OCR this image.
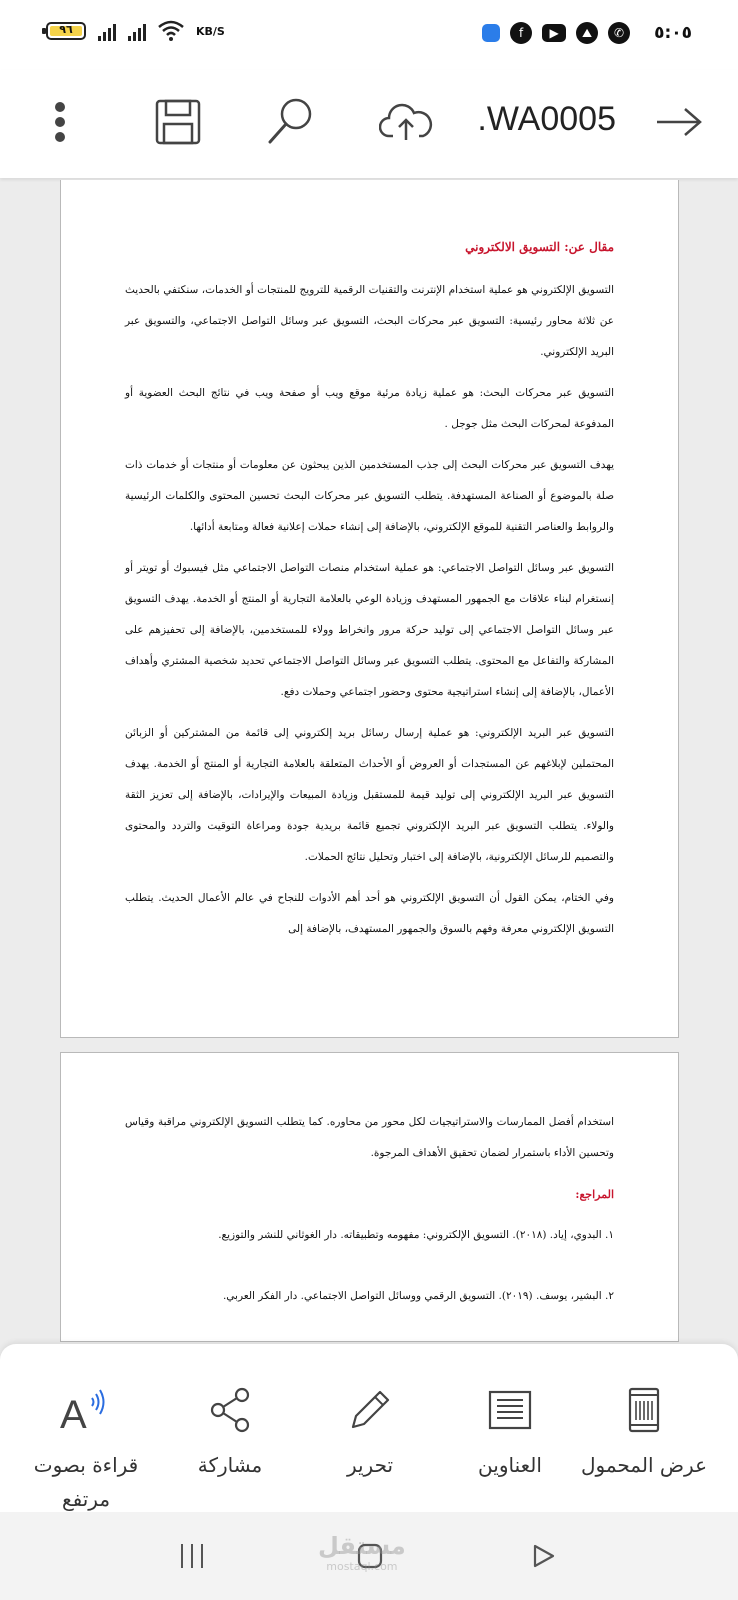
٩٦	KB/S	f	▶	⛰	✆	٥:٠٥
WA0005.

مقال عن: التسويق الالكتروني

التسويق الإلكتروني هو عملية استخدام الإنترنت والتقنيات الرقمية للترويج للمنتجات أو الخدمات، سنكتفي بالحديث عن ثلاثة محاور رئيسية: التسويق عبر محركات البحث، التسويق عبر وسائل التواصل الاجتماعي، والتسويق عبر البريد الإلكتروني.

التسويق عبر محركات البحث: هو عملية زيادة مرئية موقع ويب أو صفحة ويب في نتائج البحث العضوية أو المدفوعة لمحركات البحث مثل جوجل .

يهدف التسويق عبر محركات البحث إلى جذب المستخدمين الذين يبحثون عن معلومات أو منتجات أو خدمات ذات صلة بالموضوع أو الصناعة المستهدفة. يتطلب التسويق عبر محركات البحث تحسين المحتوى والكلمات الرئيسية والروابط والعناصر التقنية للموقع الإلكتروني، بالإضافة إلى إنشاء حملات إعلانية فعالة ومتابعة أدائها.

التسويق عبر وسائل التواصل الاجتماعي: هو عملية استخدام منصات التواصل الاجتماعي مثل فيسبوك أو تويتر أو إنستغرام لبناء علاقات مع الجمهور المستهدف وزيادة الوعي بالعلامة التجارية أو المنتج أو الخدمة. يهدف التسويق عبر وسائل التواصل الاجتماعي إلى توليد حركة مرور وانخراط وولاء للمستخدمين، بالإضافة إلى تحفيزهم على المشاركة والتفاعل مع المحتوى. يتطلب التسويق عبر وسائل التواصل الاجتماعي تحديد شخصية المشتري وأهداف الأعمال، بالإضافة إلى إنشاء استراتيجية محتوى وحضور اجتماعي وحملات دفع.

التسويق عبر البريد الإلكتروني: هو عملية إرسال رسائل بريد إلكتروني إلى قائمة من المشتركين أو الزبائن المحتملين لإبلاغهم عن المستجدات أو العروض أو الأحداث المتعلقة بالعلامة التجارية أو المنتج أو الخدمة. يهدف التسويق عبر البريد الإلكتروني إلى توليد قيمة للمستقبل وزيادة المبيعات والإيرادات، بالإضافة إلى تعزيز الثقة والولاء. يتطلب التسويق عبر البريد الإلكتروني تجميع قائمة بريدية جودة ومراعاة التوقيت والتردد والمحتوى والتصميم للرسائل الإلكترونية، بالإضافة إلى اختبار وتحليل نتائج الحملات.

وفي الختام، يمكن القول أن التسويق الإلكتروني هو أحد أهم الأدوات للنجاح في عالم الأعمال الحديث. يتطلب التسويق الإلكتروني معرفة وفهم بالسوق والجمهور المستهدف، بالإضافة إلى

استخدام أفضل الممارسات والاستراتيجيات لكل محور من محاوره. كما يتطلب التسويق الإلكتروني مراقبة وقياس وتحسين الأداء باستمرار لضمان تحقيق الأهداف المرجوة.

المراجع:

١. البدوي، إياد. (٢٠١٨). التسويق الإلكتروني: مفهومه وتطبيقاته. دار الغوثاني للنشر والتوزيع.

٢. البشير، يوسف. (٢٠١٩). التسويق الرقمي ووسائل التواصل الاجتماعي. دار الفكر العربي.

عرض المحمول
العناوين
تحرير
مشاركة
A
قراءة بصوت مرتفع
مستقل
mostaql.com
